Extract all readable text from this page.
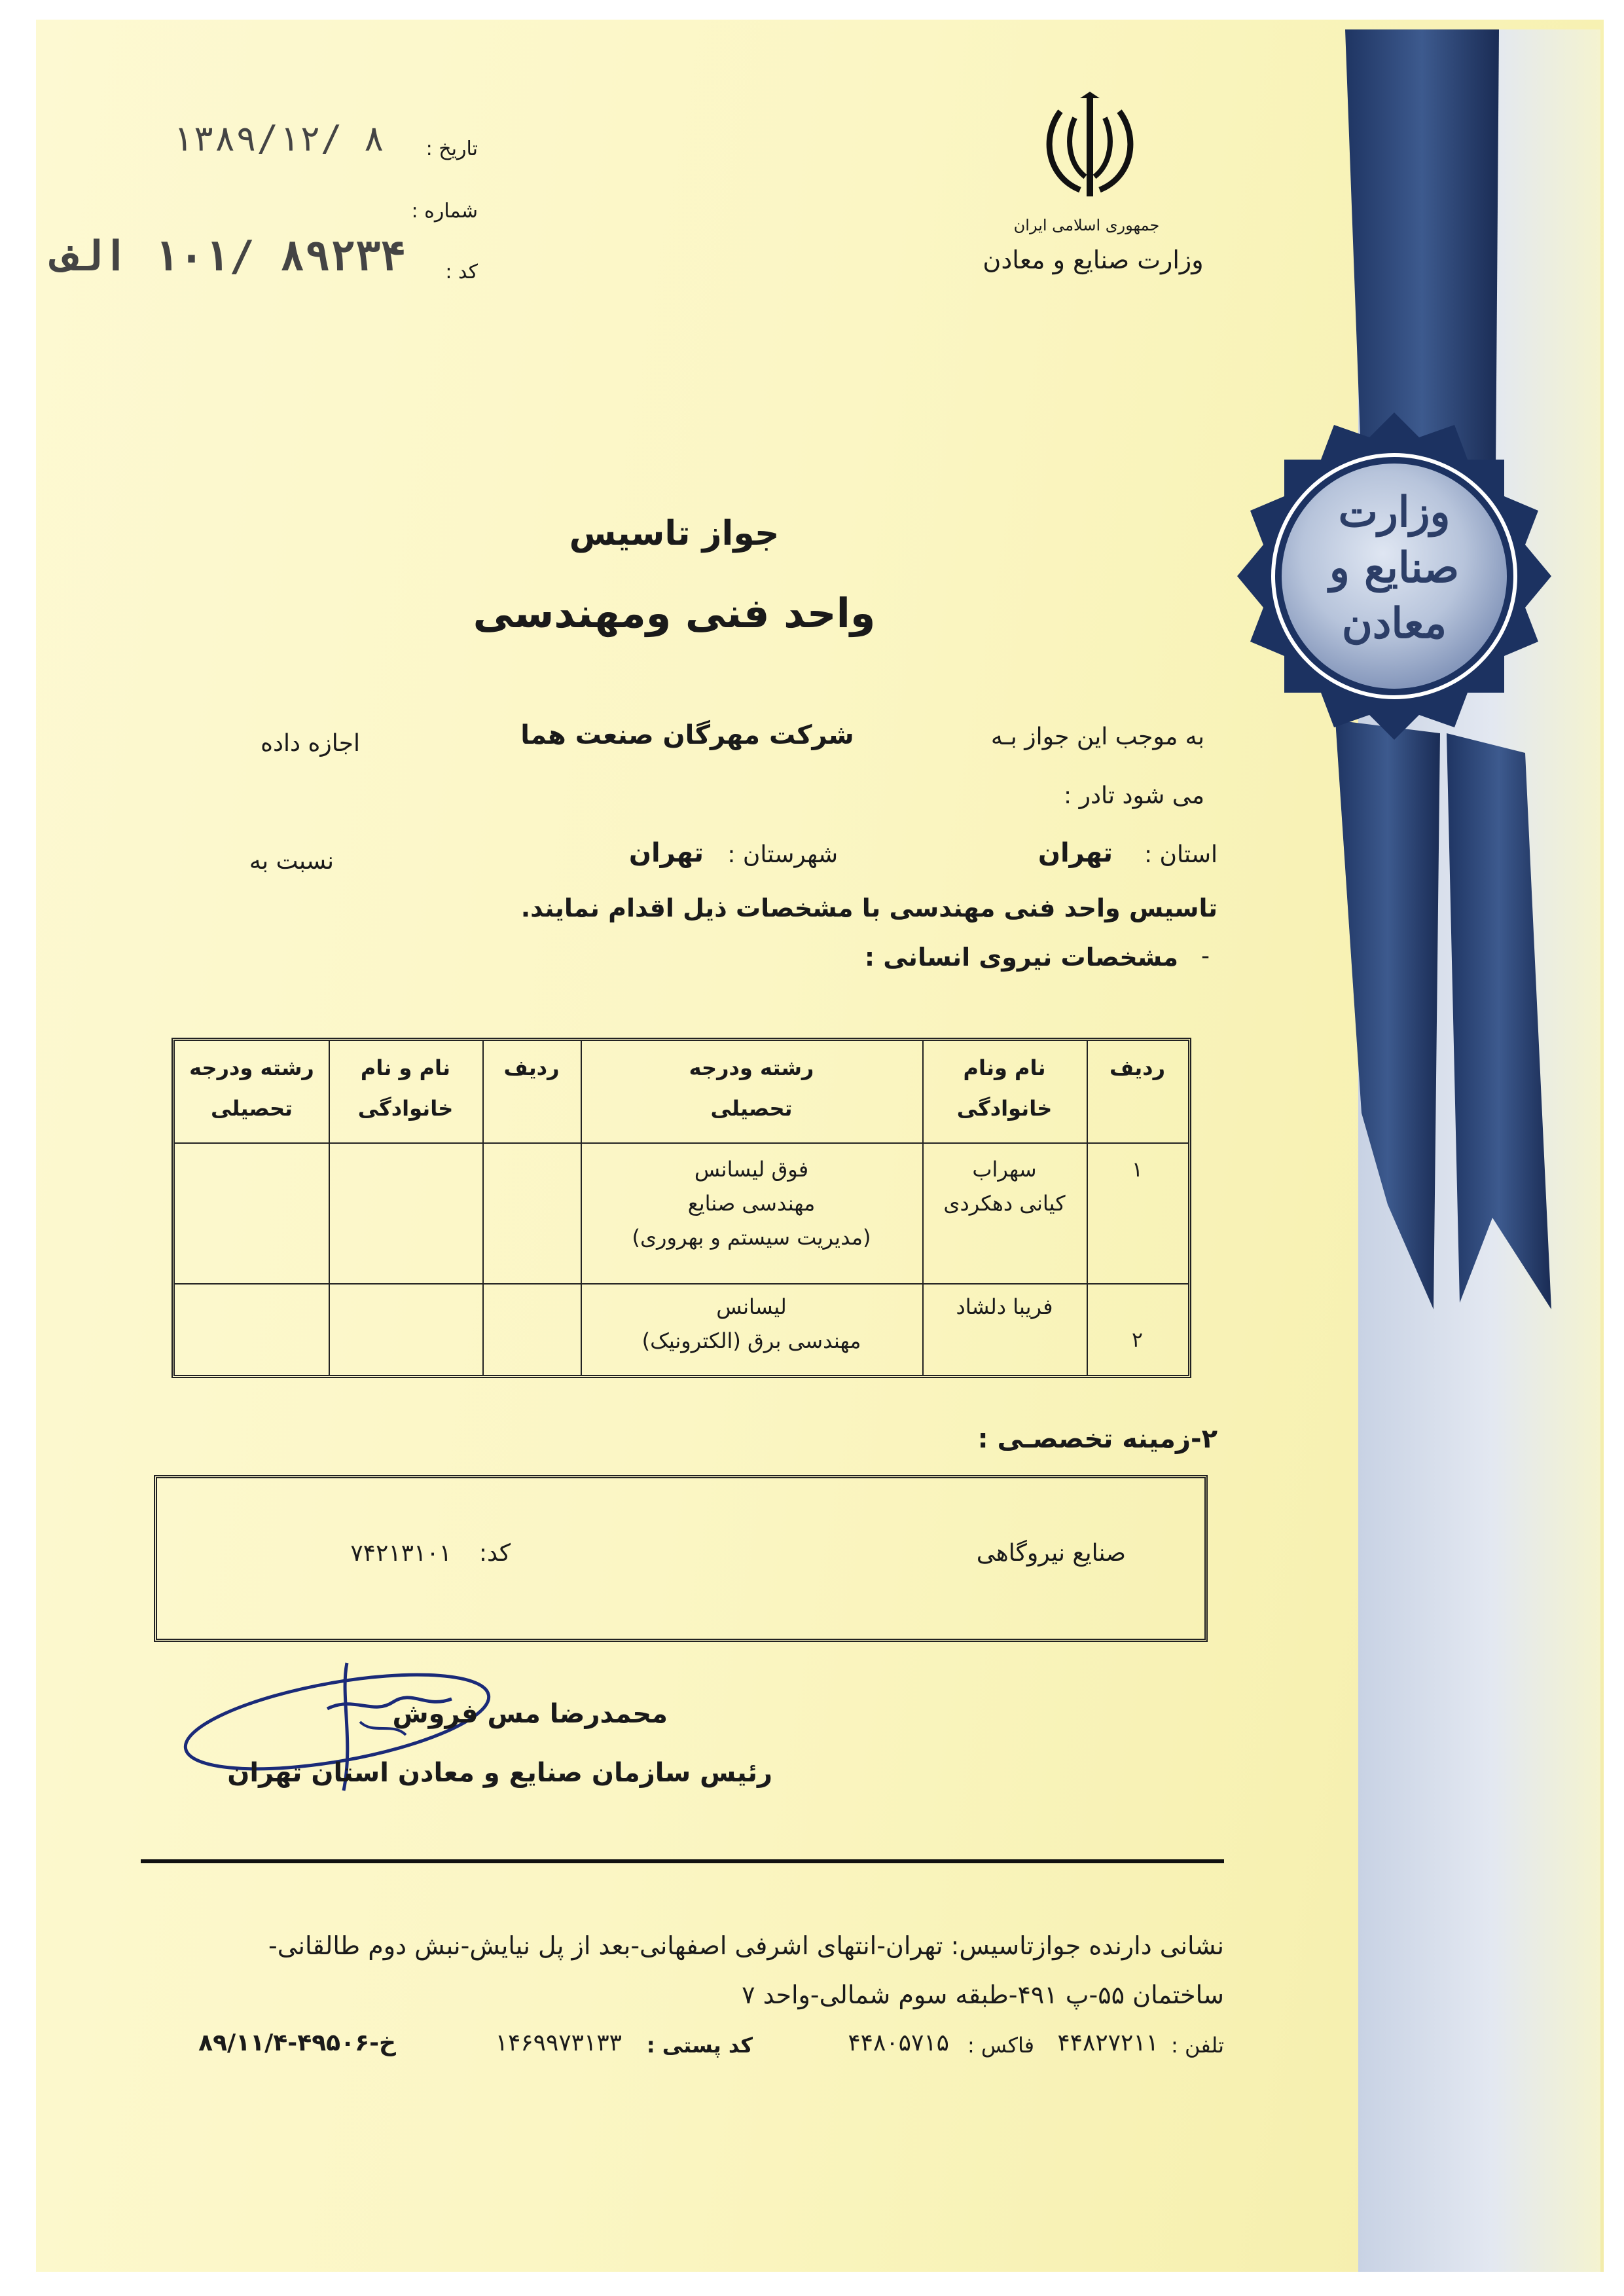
وزارت
صنایع و
معادن
تاریخ :
۱۳۸۹/۱۲/ ۸
شماره :
کد :
۸۹۲۳۴ /۱۰۱ الف
جمهوری اسلامی ایران
وزارت صنایع و معادن
جواز تاسیس
واحد فنی ومهندسی
به موجب این جواز بـه
شرکت مهرگان صنعت هما
اجازه داده
می شود تادر :
استان :
تهران
شهرستان :
تهران
نسبت به
تاسیس واحد فنی مهندسی با مشخصات ذیل اقدام نمایند.
-
مشخصات نیروی انسانی :
ردیف
نام ونام
خانوادگی
رشته ودرجه
تحصیلی
ردیف
نام و نام
خانوادگی
رشته ودرجه
تحصیلی
۱
سهراب
کیانی دهکردی
فوق لیسانس
مهندسی صنایع
(مدیریت سیستم و بهروری)
۲
فریبا دلشاد
لیسانس
مهندسی برق (الکترونیک)
۲-زمینه تخصصـی :
صنایع نیروگاهی
کد:
۷۴۲۱۳۱۰۱
محمدرضا مس فروش
رئیس سازمان صنایع و معادن استان تهران
نشانی دارنده جوازتاسیس: تهران-انتهای اشرفی اصفهانی-بعد از پل نیایش-نبش دوم طالقانی-
ساختمان ۵۵-پ ۴۹۱-طبقه سوم شمالی-واحد ۷
تلفن :
۴۴۸۲۷۲۱۱
فاکس :
۴۴۸۰۵۷۱۵
کد پستی :
۱۴۶۹۹۷۳۱۳۳
خ-۴۹۵۰۶-۸۹/۱۱/۴
